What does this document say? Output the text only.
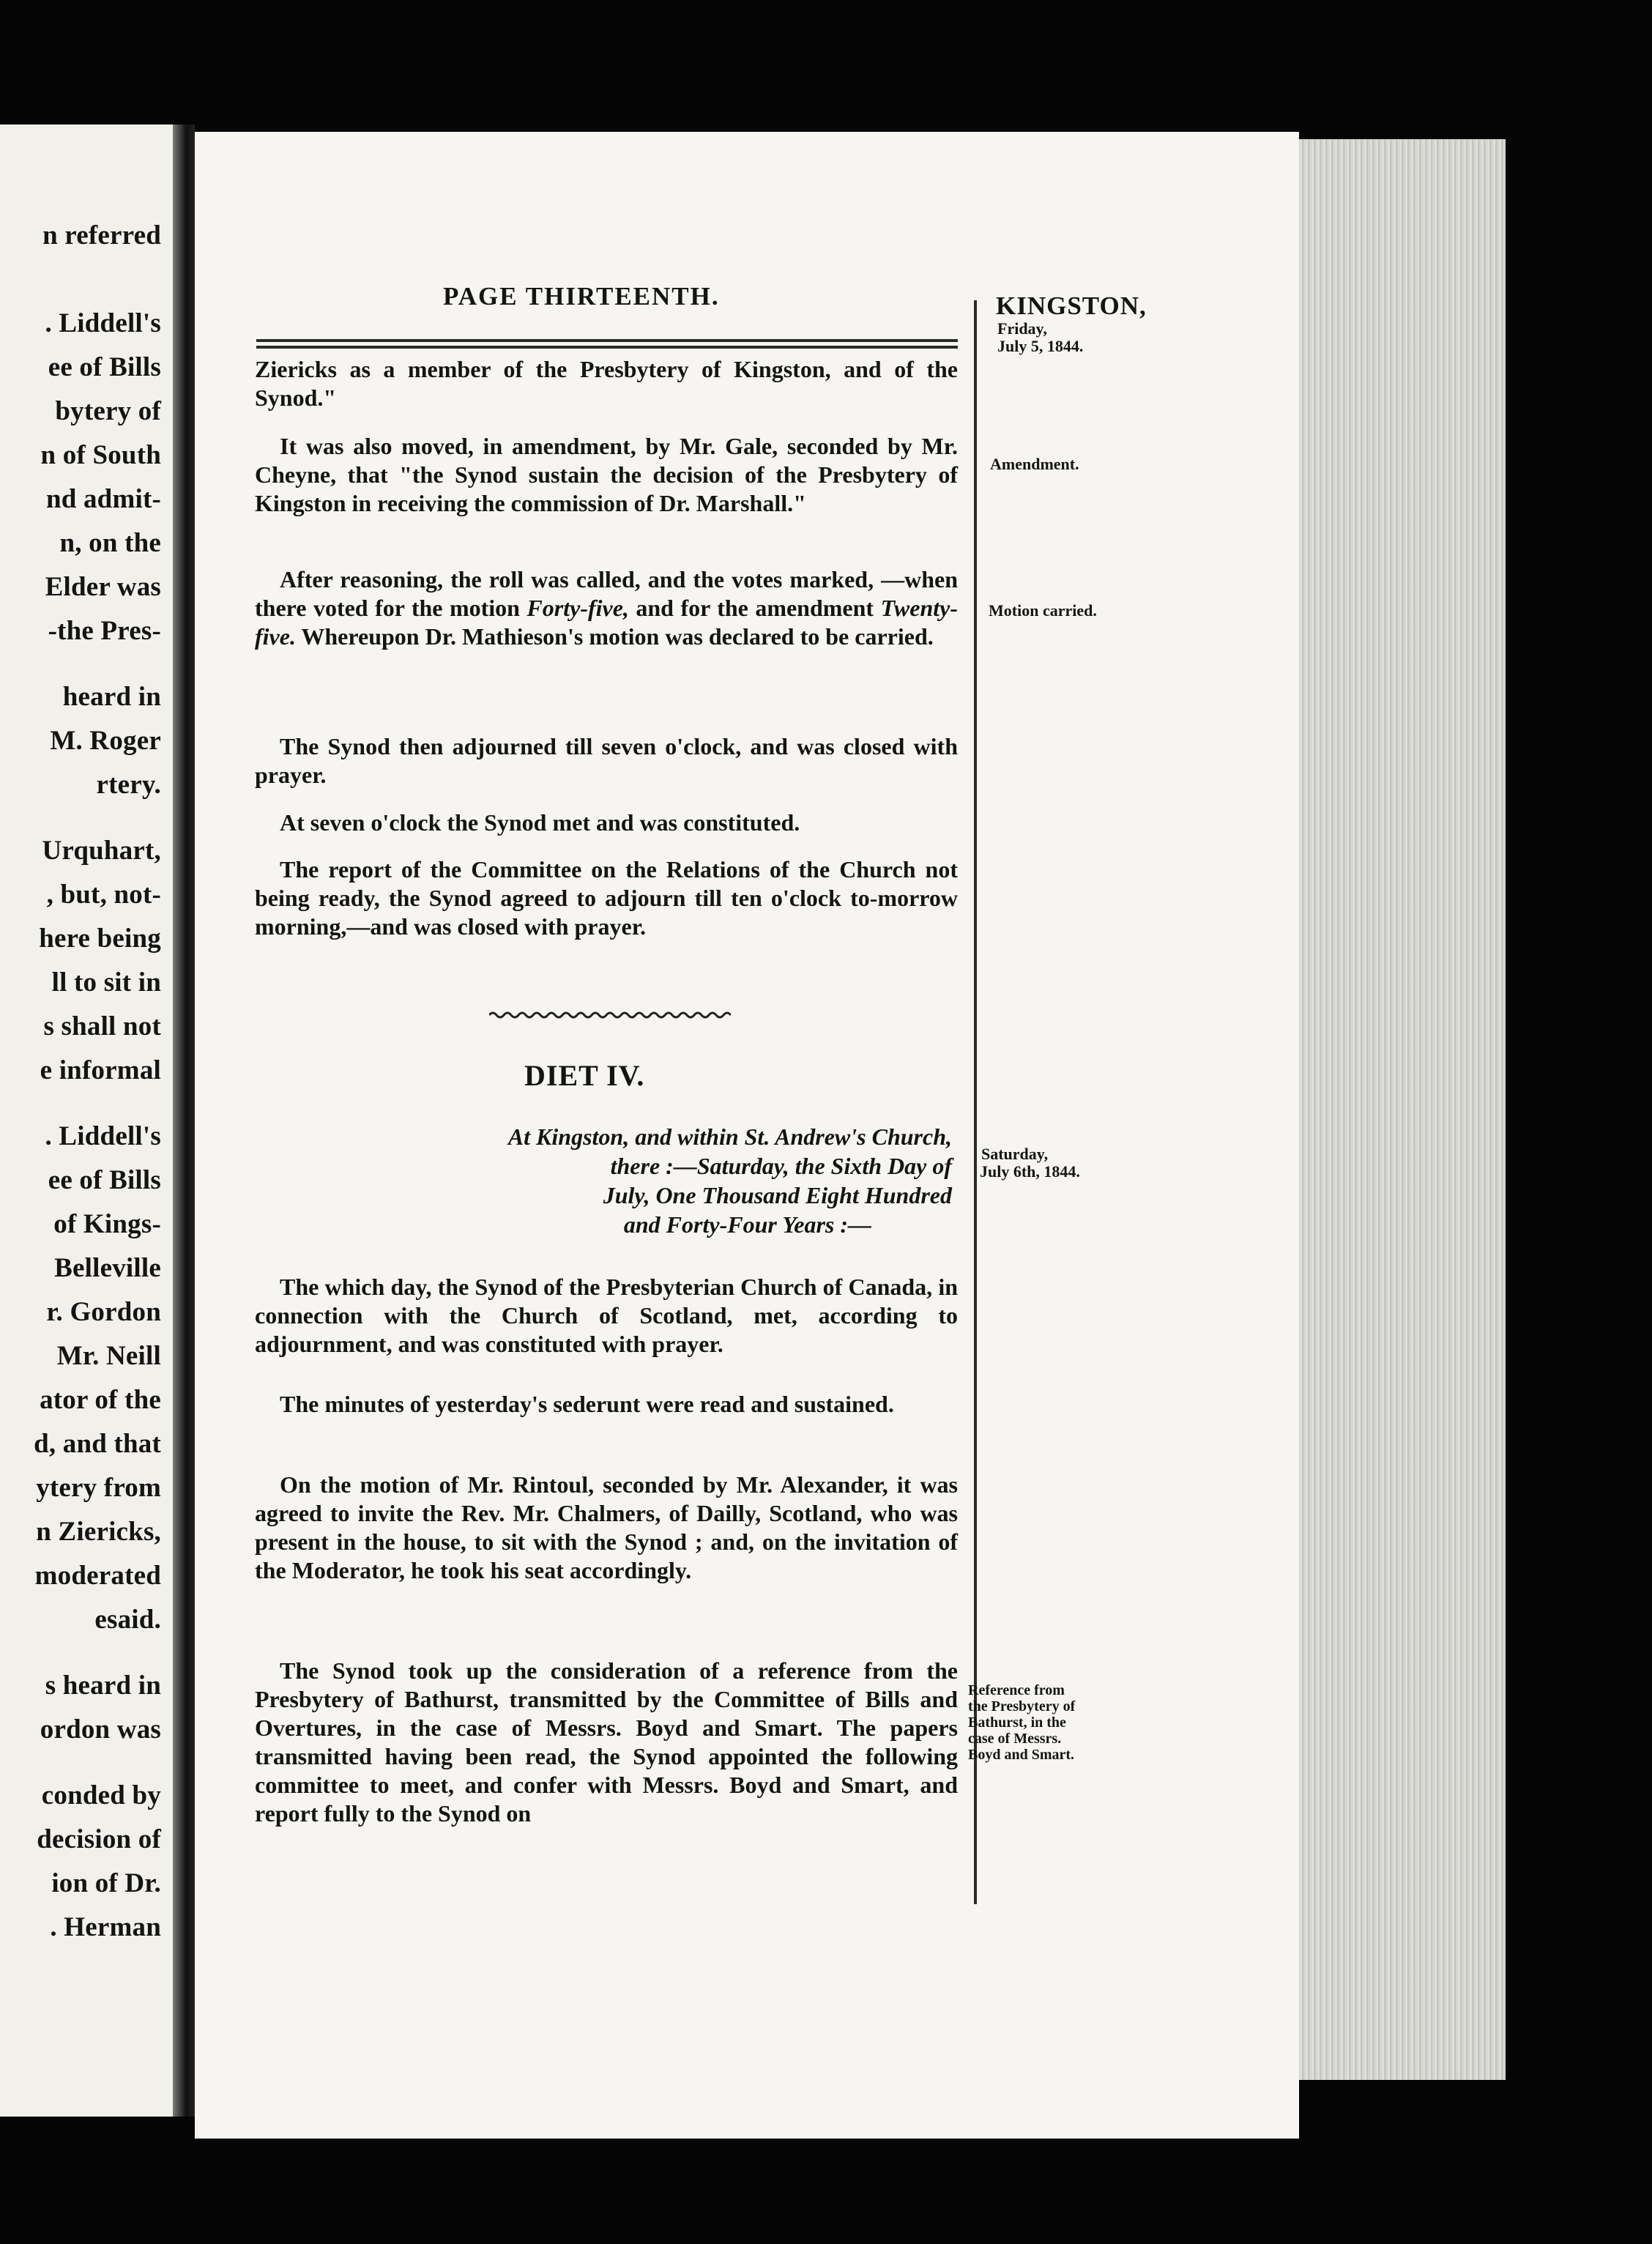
n referred
. Liddell's
ee of Bills
bytery of
n of South
nd admit-
n, on the
Elder was
-the Pres-
heard in
M. Roger
rtery.
Urquhart,
, but, not-
here being
ll to sit in
s shall not
e informal
. Liddell's
ee of Bills
of Kings-
Belleville
r. Gordon
Mr. Neill
ator of the
d, and that
ytery from
n Ziericks,
moderated
esaid.
s heard in
ordon was
conded by
decision of
ion of Dr.
. Herman
PAGE THIRTEENTH.	KINGSTON,
Friday,
July 5, 1844.

Ziericks as a member of the Presbytery of Kingston, and of the Synod."

It was also moved, in amendment, by Mr. Gale, seconded by Mr. Cheyne, that "the Synod sustain the decision of the Presbytery of Kingston in receiving the commission of Dr. Marshall."

After reasoning, the roll was called, and the votes marked, —when there voted for the motion Forty-five, and for the amendment Twenty-five. Whereupon Dr. Mathieson's motion was declared to be carried.

The Synod then adjourned till seven o'clock, and was closed with prayer.

At seven o'clock the Synod met and was constituted.

The report of the Committee on the Relations of the Church not being ready, the Synod agreed to adjourn till ten o'clock to-morrow morning,—and was closed with prayer.

DIET IV.
At Kingston, and within St. Andrew's Church,
there :—Saturday, the Sixth Day of
July, One Thousand Eight Hundred
and Forty-Four Years :—

The which day, the Synod of the Presbyterian Church of Canada, in connection with the Church of Scotland, met, according to adjournment, and was constituted with prayer.

The minutes of yesterday's sederunt were read and sustained.

On the motion of Mr. Rintoul, seconded by Mr. Alexander, it was agreed to invite the Rev. Mr. Chalmers, of Dailly, Scotland, who was present in the house, to sit with the Synod ; and, on the invitation of the Moderator, he took his seat accordingly.

The Synod took up the consideration of a reference from the Presbytery of Bathurst, transmitted by the Committee of Bills and Overtures, in the case of Messrs. Boyd and Smart. The papers transmitted having been read, the Synod appointed the following committee to meet, and confer with Messrs. Boyd and Smart, and report fully to the Synod on

Amendment.

Motion carried.

Saturday,
July 6th, 1844.
Reference from
the Presbytery of
Bathurst, in the
case of Messrs.
Boyd and Smart.
